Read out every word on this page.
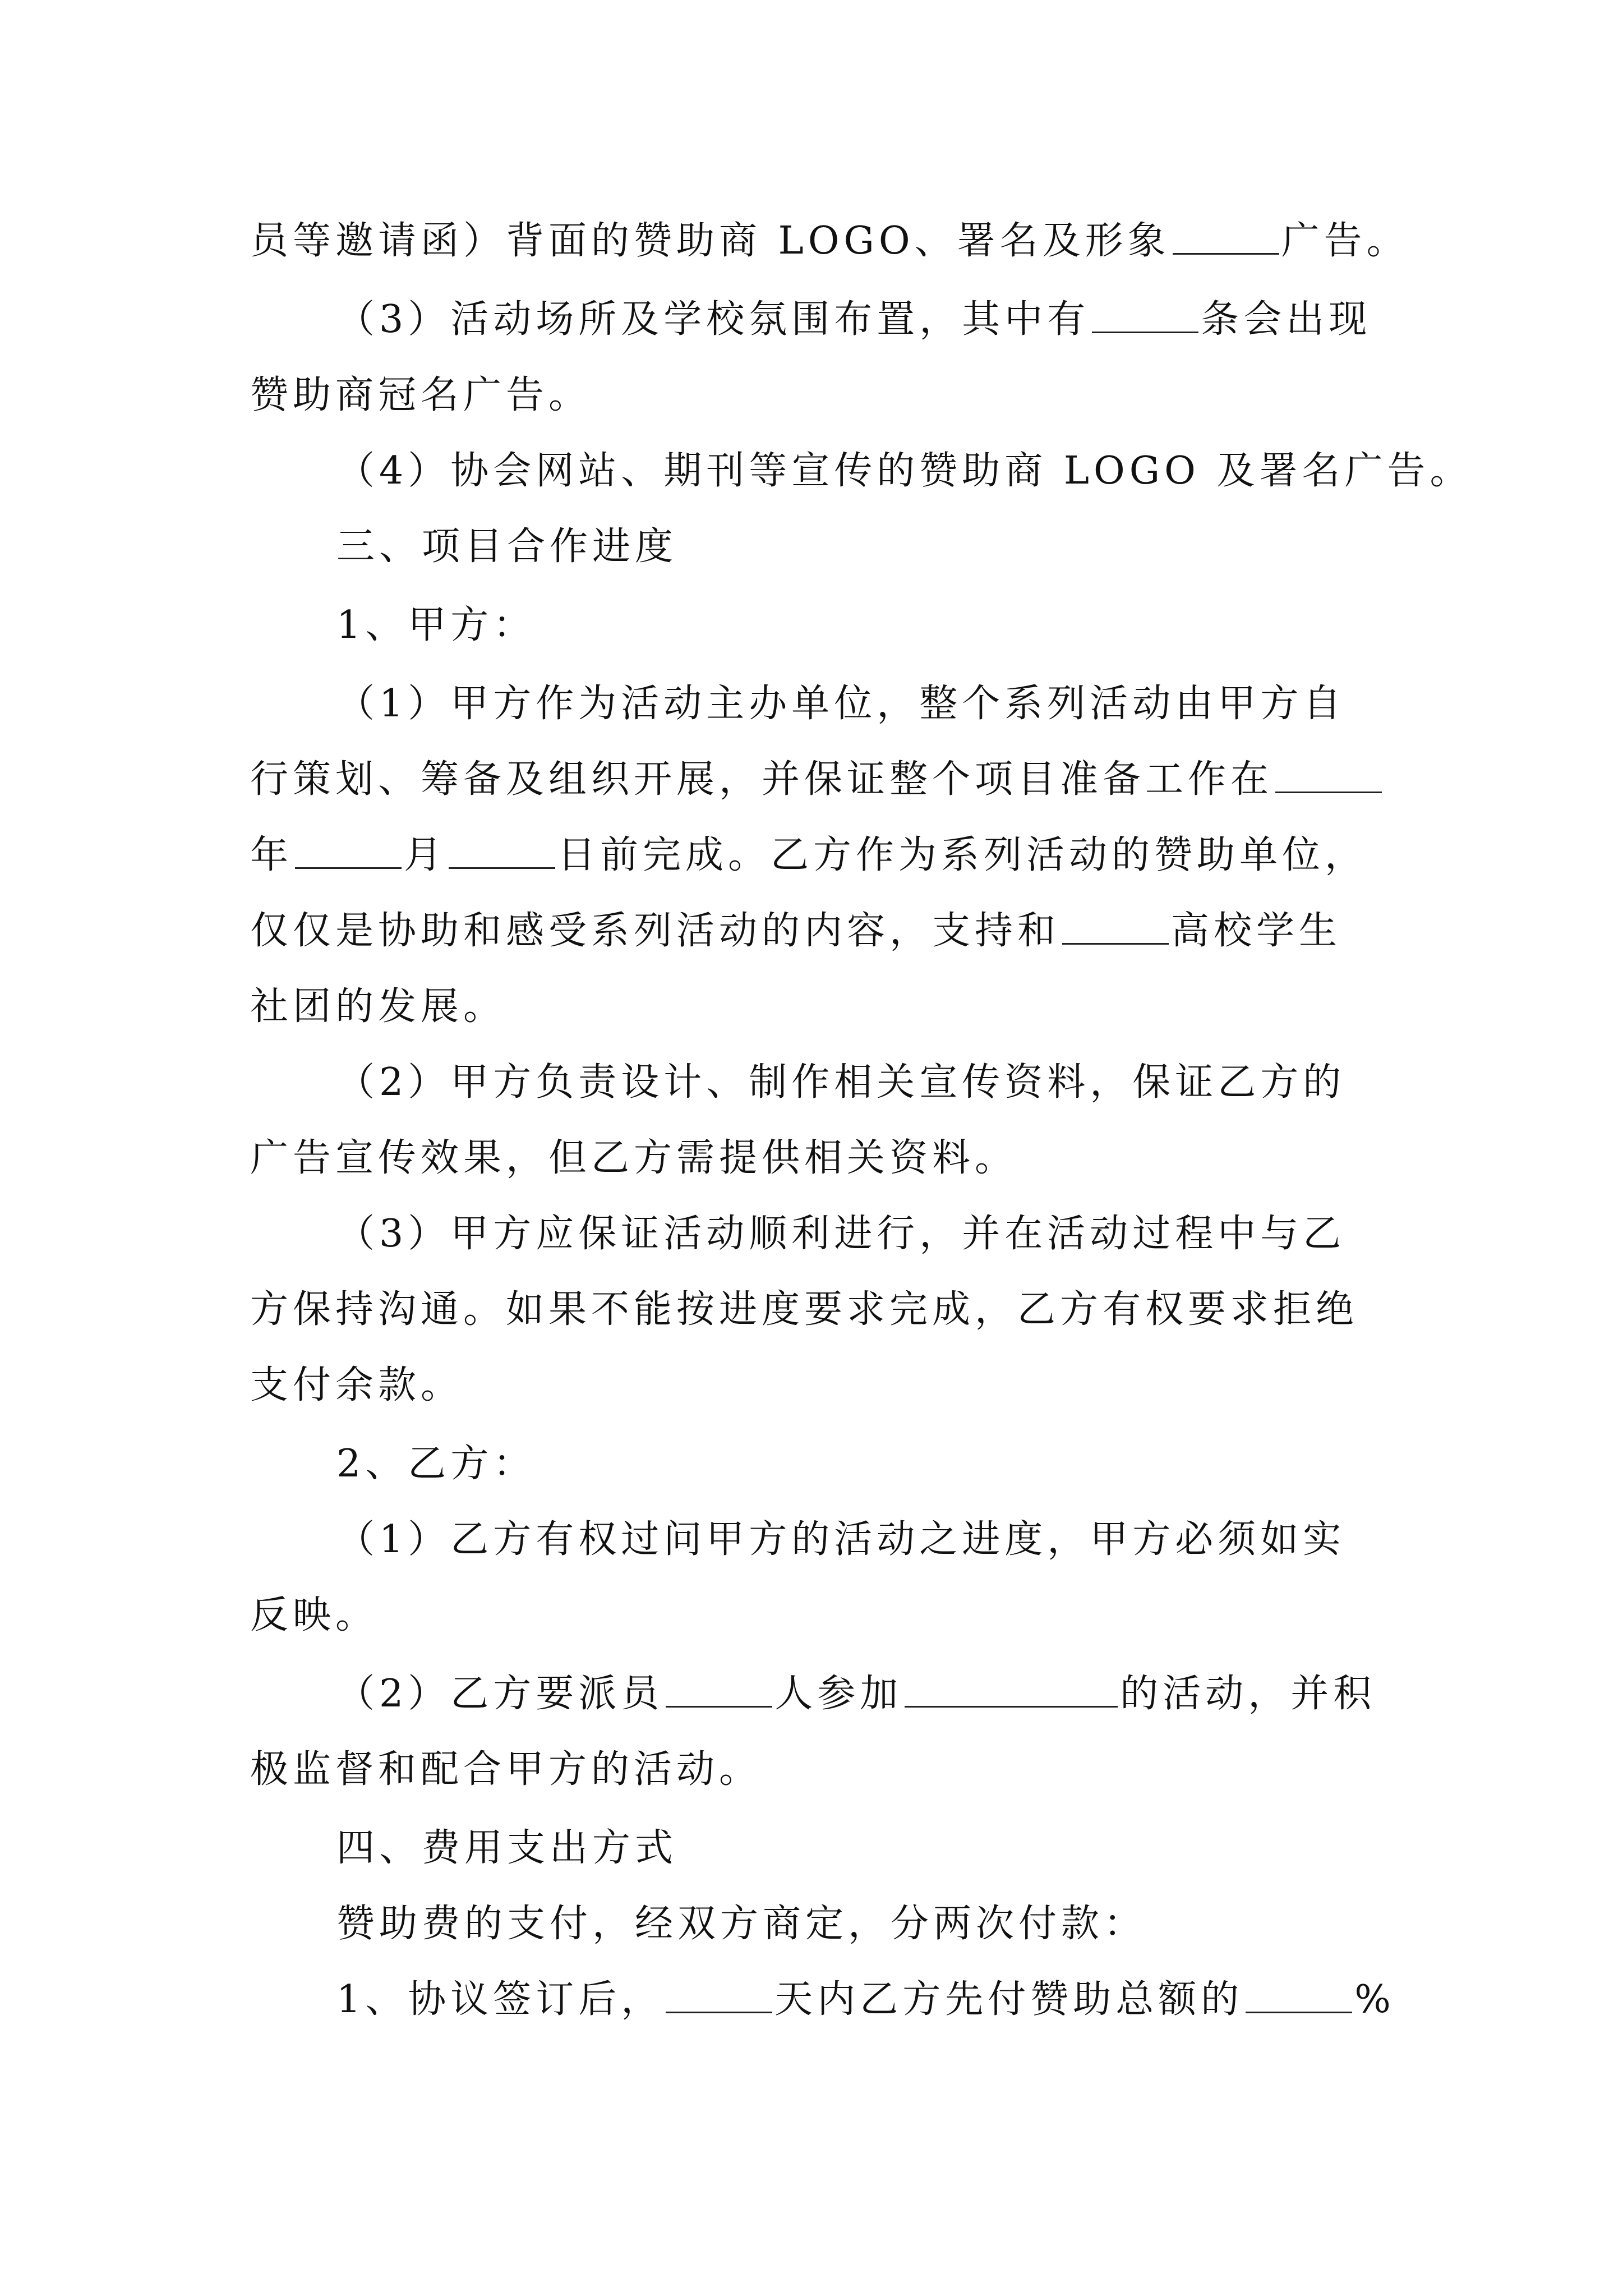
员等邀请函）背面的赞助商 LOGO、署名及形象	广告。
（3）活动场所及学校氛围布置，其中有	条会出现
赞助商冠名广告。
（4）协会网站、期刊等宣传的赞助商 LOGO 及署名广告。
三、项目合作进度
1、甲方：
（1）甲方作为活动主办单位，整个系列活动由甲方自
行策划、筹备及组织开展，并保证整个项目准备工作在
年	月	日前完成。乙方作为系列活动的赞助单位，
仅仅是协助和感受系列活动的内容，支持和	高校学生
社团的发展。
（2）甲方负责设计、制作相关宣传资料，保证乙方的
广告宣传效果，但乙方需提供相关资料。
（3）甲方应保证活动顺利进行，并在活动过程中与乙
方保持沟通。如果不能按进度要求完成，乙方有权要求拒绝
支付余款。
2、乙方：
（1）乙方有权过问甲方的活动之进度，甲方必须如实
反映。
（2）乙方要派员	人参加	的活动，并积
极监督和配合甲方的活动。
四、费用支出方式
赞助费的支付，经双方商定，分两次付款：
1、协议签订后，	天内乙方先付赞助总额的	%
